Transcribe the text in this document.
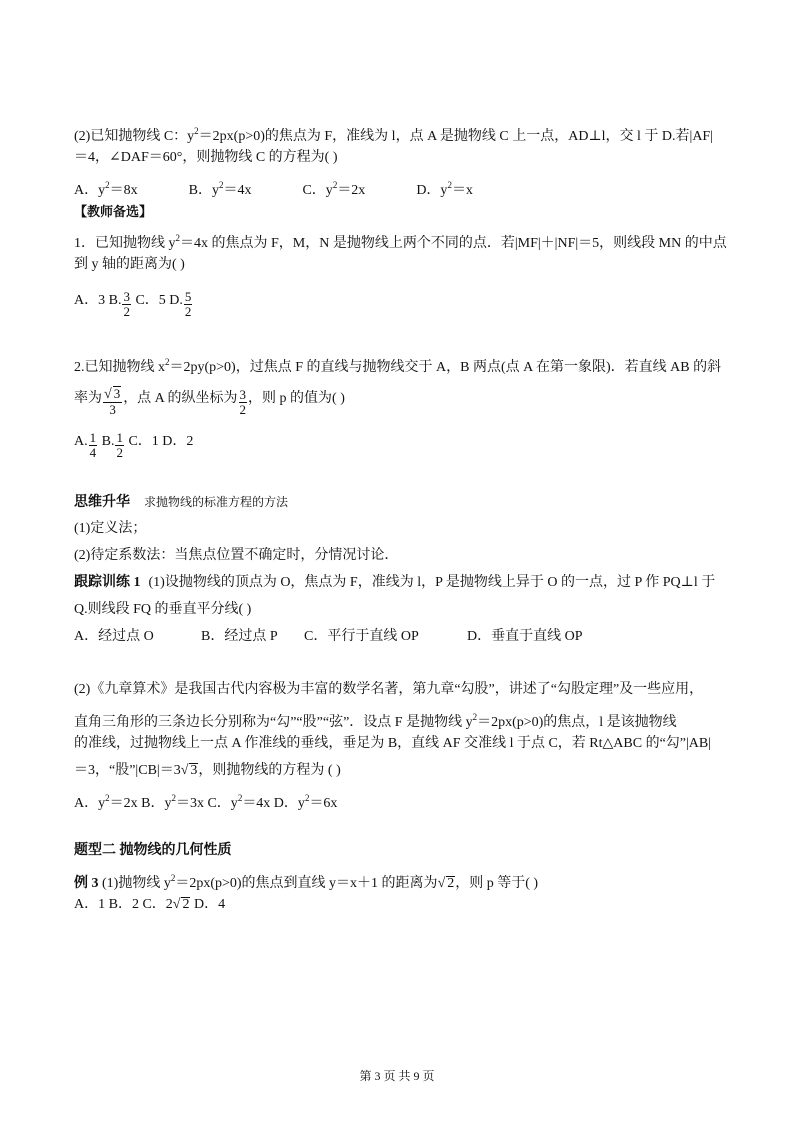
(2)已知抛物线 C：$y^2=2px(p>0)$的焦点为 F，准线为 l，点 A 是抛物线 C 上一点，AD⊥l，交 l 于 D.若|AF|
＝4，∠DAF＝60°，则抛物线 C 的方程为( )
A．$y^2=8x$	B．$y^2=4x$	C．$y^2=2x$	D．$y^2=x$
【教师备选】
1．已知抛物线 $y^2=4x$ 的焦点为 F，M，N 是抛物线上两个不同的点．若|MF|＋|NF|＝5，则线段 MN 的中点
到 y 轴的距离为( )
A．3 B. $\frac{3}{2}$ C．5 D. $\frac{5}{2}$
2.已知抛物线 $x^2=2py(p>0)$，过焦点 F 的直线与抛物线交于 A，B 两点(点 A 在第一象限)．若直线 AB 的斜
率为 $\frac{√ 3}{3}$ ，点 A 的纵坐标为 $\frac{3}{2}$ ，则 p 的值为( )
A. $\frac{1}{4} B$. $\frac{1}{2}$ C．1 D．2
思维升华 求抛物线的标准方程的方法
(1)定义法；
(2)待定系数法：当焦点位置不确定时，分情况讨论．
跟踪训练 1 (1)设抛物线的顶点为 O，焦点为 F，准线为 l，P 是抛物线上异于 O 的一点，过 P 作 PQ⊥l 于
Q.则线段 FQ 的垂直平分线( )
A．经过点 O	B．经过点 P C．平行于直线 OP	D．垂直于直线 OP
(2)《九章算术》是我国古代内容极为丰富的数学名著，第九章“勾股”，讲述了“勾股定理”及一些应用，
直角三角形的三条边长分别称为“勾”“股”“弦”．设点 F 是抛物线 $y^2=2px(p>0)$的焦点，l 是该抛物线
的准线，过抛物线上一点 A 作准线的垂线，垂足为 B，直线 AF 交准线 l 于点 C，若 Rt△ABC 的“勾”|AB|
＝3，“股”|CB|＝3√ 3，则抛物线的方程为 ( )
A．$y^2=2x$ B．$y^2=3x$ C．$y^2=4x$ D．$y^2=6x$
题型二 抛物线的几何性质
例 3 (1)抛物线 $y^2=2px(p>0)$的焦点到直线 y＝x＋1 的距离为√ 2，则 p 等于( )
A．1 B．2 C．2√ 2 D．4
第 3 页 共 9 页
